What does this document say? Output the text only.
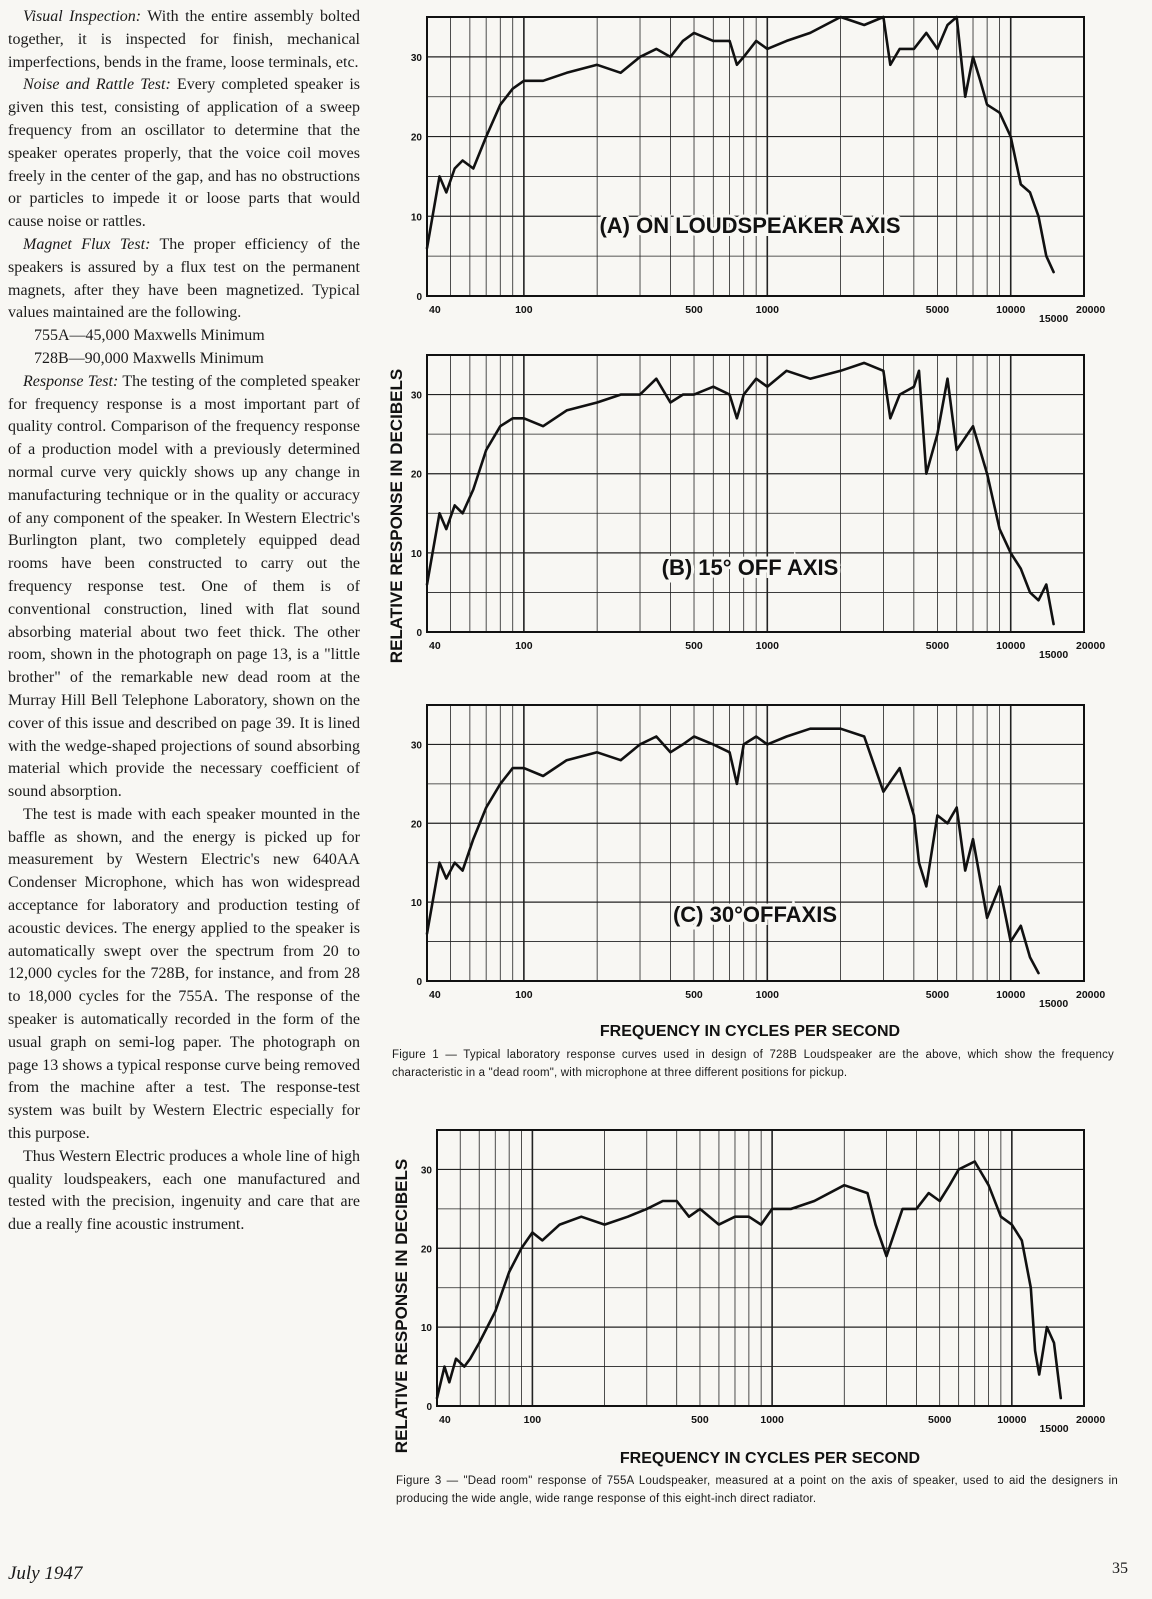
Visual Inspection: With the entire assembly bolted together, it is inspected for finish, mechanical imperfections, bends in the frame, loose terminals, etc.

Noise and Rattle Test: Every completed speaker is given this test, consisting of application of a sweep frequency from an oscillator to determine that the speaker operates properly, that the voice coil moves freely in the center of the gap, and has no obstructions or particles to impede it or loose parts that would cause noise or rattles.

Magnet Flux Test: The proper efficiency of the speakers is assured by a flux test on the permanent magnets, after they have been magnetized. Typical values maintained are the following.

755A—45,000 Maxwells Minimum

728B—90,000 Maxwells Minimum

Response Test: The testing of the completed speaker for frequency response is a most important part of quality control. Comparison of the frequency response of a production model with a previously determined normal curve very quickly shows up any change in manufacturing technique or in the quality or accuracy of any component of the speaker. In Western Electric's Burlington plant, two completely equipped dead rooms have been constructed to carry out the frequency response test. One of them is of conventional construction, lined with flat sound absorbing material about two feet thick. The other room, shown in the photograph on page 13, is a "little brother" of the remarkable new dead room at the Murray Hill Bell Telephone Laboratory, shown on the cover of this issue and described on page 39. It is lined with the wedge-shaped projections of sound absorbing material which provide the necessary coefficient of sound absorption.

The test is made with each speaker mounted in the baffle as shown, and the energy is picked up for measurement by Western Electric's new 640AA Condenser Microphone, which has won widespread acceptance for laboratory and production testing of acoustic devices. The energy applied to the speaker is automatically swept over the spectrum from 20 to 12,000 cycles for the 728B, for instance, and from 28 to 18,000 cycles for the 755A. The response of the speaker is automatically recorded in the form of the usual graph on semi-log paper. The photograph on page 13 shows a typical response curve being removed from the machine after a test. The response-test system was built by Western Electric especially for this purpose.

Thus Western Electric produces a whole line of high quality loudspeakers, each one manufactured and tested with the precision, ingenuity and care that are due a really fine acoustic instrument.

RELATIVE RESPONSE IN DECIBELS
0
10
20
30
40	100	500	1000	5000	10000
15000
20000
(A) ON LOUDSPEAKER AXIS
0
10
20
30
40	100	500	1000	5000	10000
15000
20000
(B) 15° OFF AXIS
0
10
20
30
40	100	500	1000	5000	10000
15000
20000
(C) 30°OFFAXIS
FREQUENCY IN CYCLES PER SECOND
Figure 1 — Typical laboratory response curves used in design of 728B Loudspeaker are the above, which show the frequency characteristic in a "dead room", with microphone at three different positions for pickup.
RELATIVE RESPONSE IN DECIBELS 0
10
20
30
40	100	500	1000	5000	10000
15000
20000
FREQUENCY IN CYCLES PER SECOND
Figure 3 — "Dead room" response of 755A Loudspeaker, measured at a point on the axis of speaker, used to aid the designers in producing the wide angle, wide range response of this eight-inch direct radiator.
July 1947	35
